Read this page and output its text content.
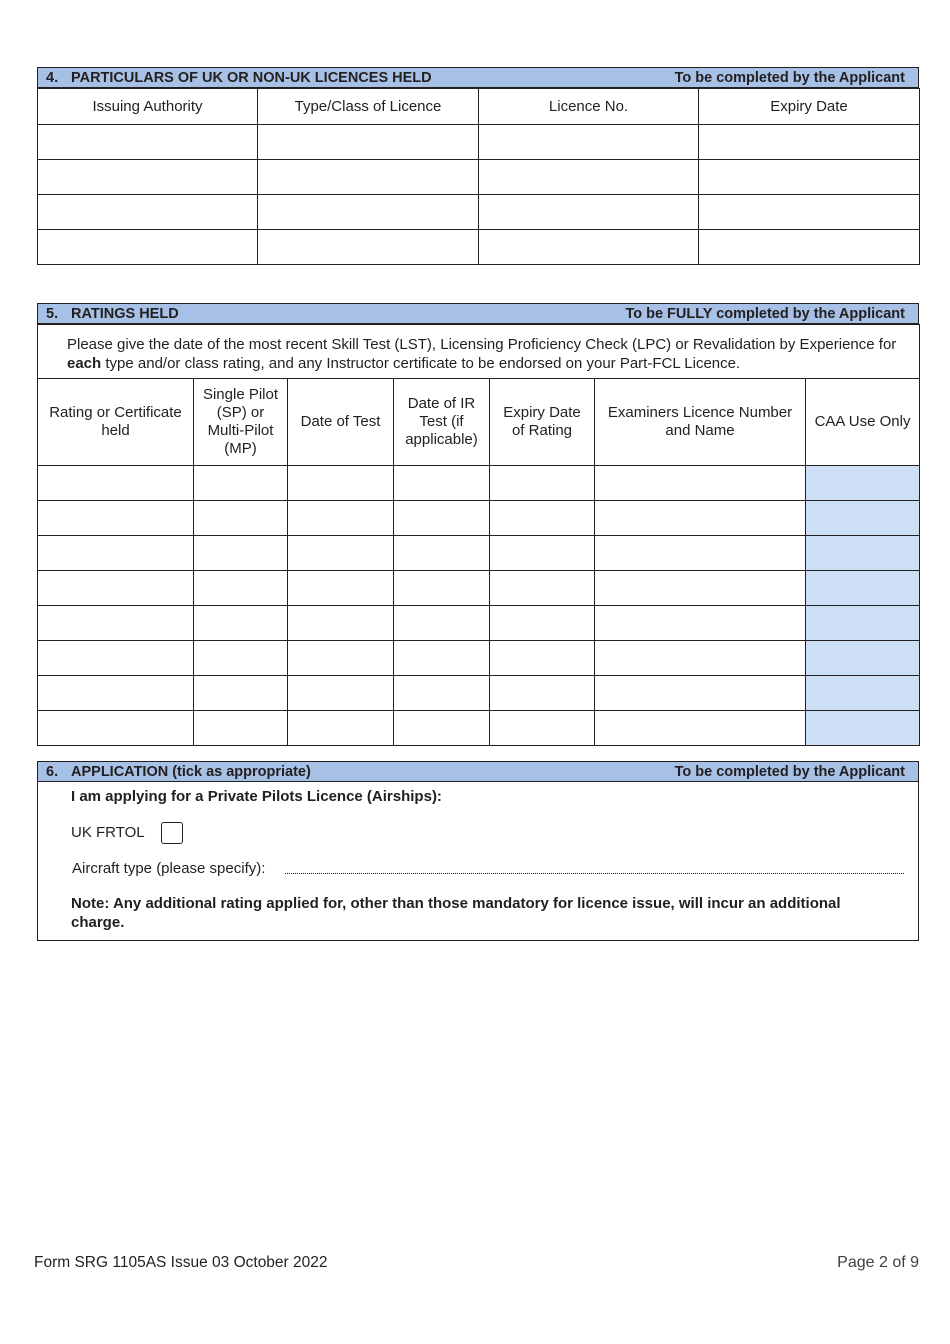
4. PARTICULARS OF UK OR NON-UK LICENCES HELD	To be completed by the Applicant
Issuing Authority	Type/Class of Licence	Licence No.	Expiry Date

5. RATINGS HELD	To be FULLY completed by the Applicant
Please give the date of the most recent Skill Test (LST), Licensing Proficiency Check (LPC) or Revalidation by Experience for each type and/or class rating, and any Instructor certificate to be endorsed on your Part-FCL Licence.						
Rating or Certificate held	Single Pilot (SP) or Multi-Pilot (MP)	Date of Test	Date of IR Test (if applicable)	Expiry Date of Rating	Examiners Licence Number and Name	CAA Use Only

6. APPLICATION (tick as appropriate)	To be completed by the Applicant
I am applying for a Private Pilots Licence (Airships):
UK FRTOL
Aircraft type (please specify):
Note: Any additional rating applied for, other than those mandatory for licence issue, will incur an additional charge.
Form SRG 1105AS Issue 03 October 2022	Page 2 of 9
